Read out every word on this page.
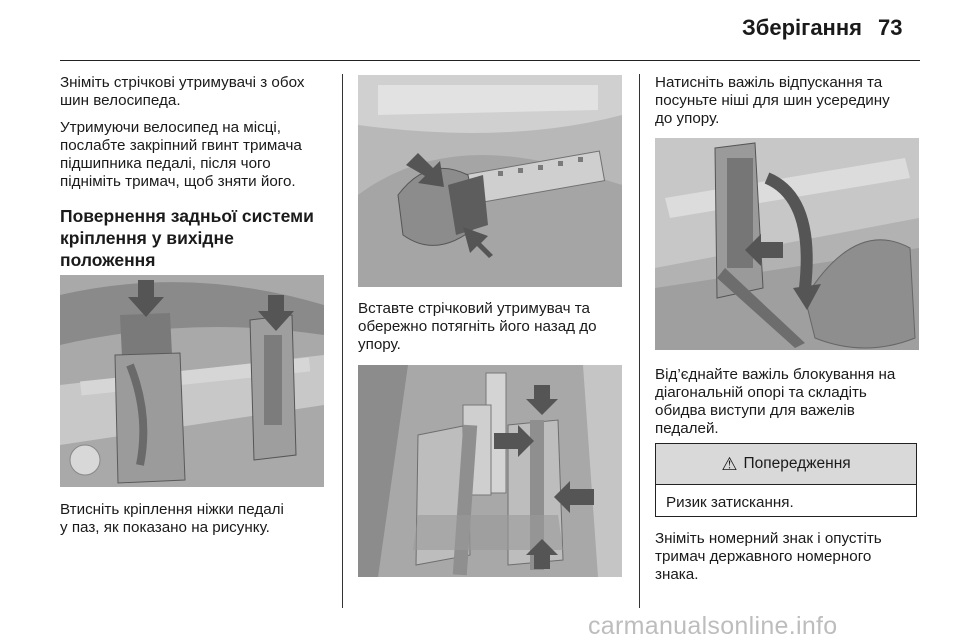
Зберігання 73

Зніміть стрічкові утримувачі з обох
шин велосипеда.

Утримуючи велосипед на місці,
послабте закріпний гвинт тримача
підшипника педалі, після чого
підніміть тримач, щоб зняти його.

Повернення задньої системи
кріплення у вихідне
положення

Втисніть кріплення ніжки педалі
у паз, як показано на рисунку.

Вставте стрічковий утримувач та
обережно потягніть його назад до
упору.

Натисніть важіль відпускання та
посуньте ніші для шин усередину
до упору.

Від’єднайте важіль блокування на
діагональній опорі та складіть
обидва виступи для важелів
педалей.

⚠ Попередження
Ризик затискання.

Зніміть номерний знак і опустіть
тримач державного номерного
знака.

carmanualsonline.info
